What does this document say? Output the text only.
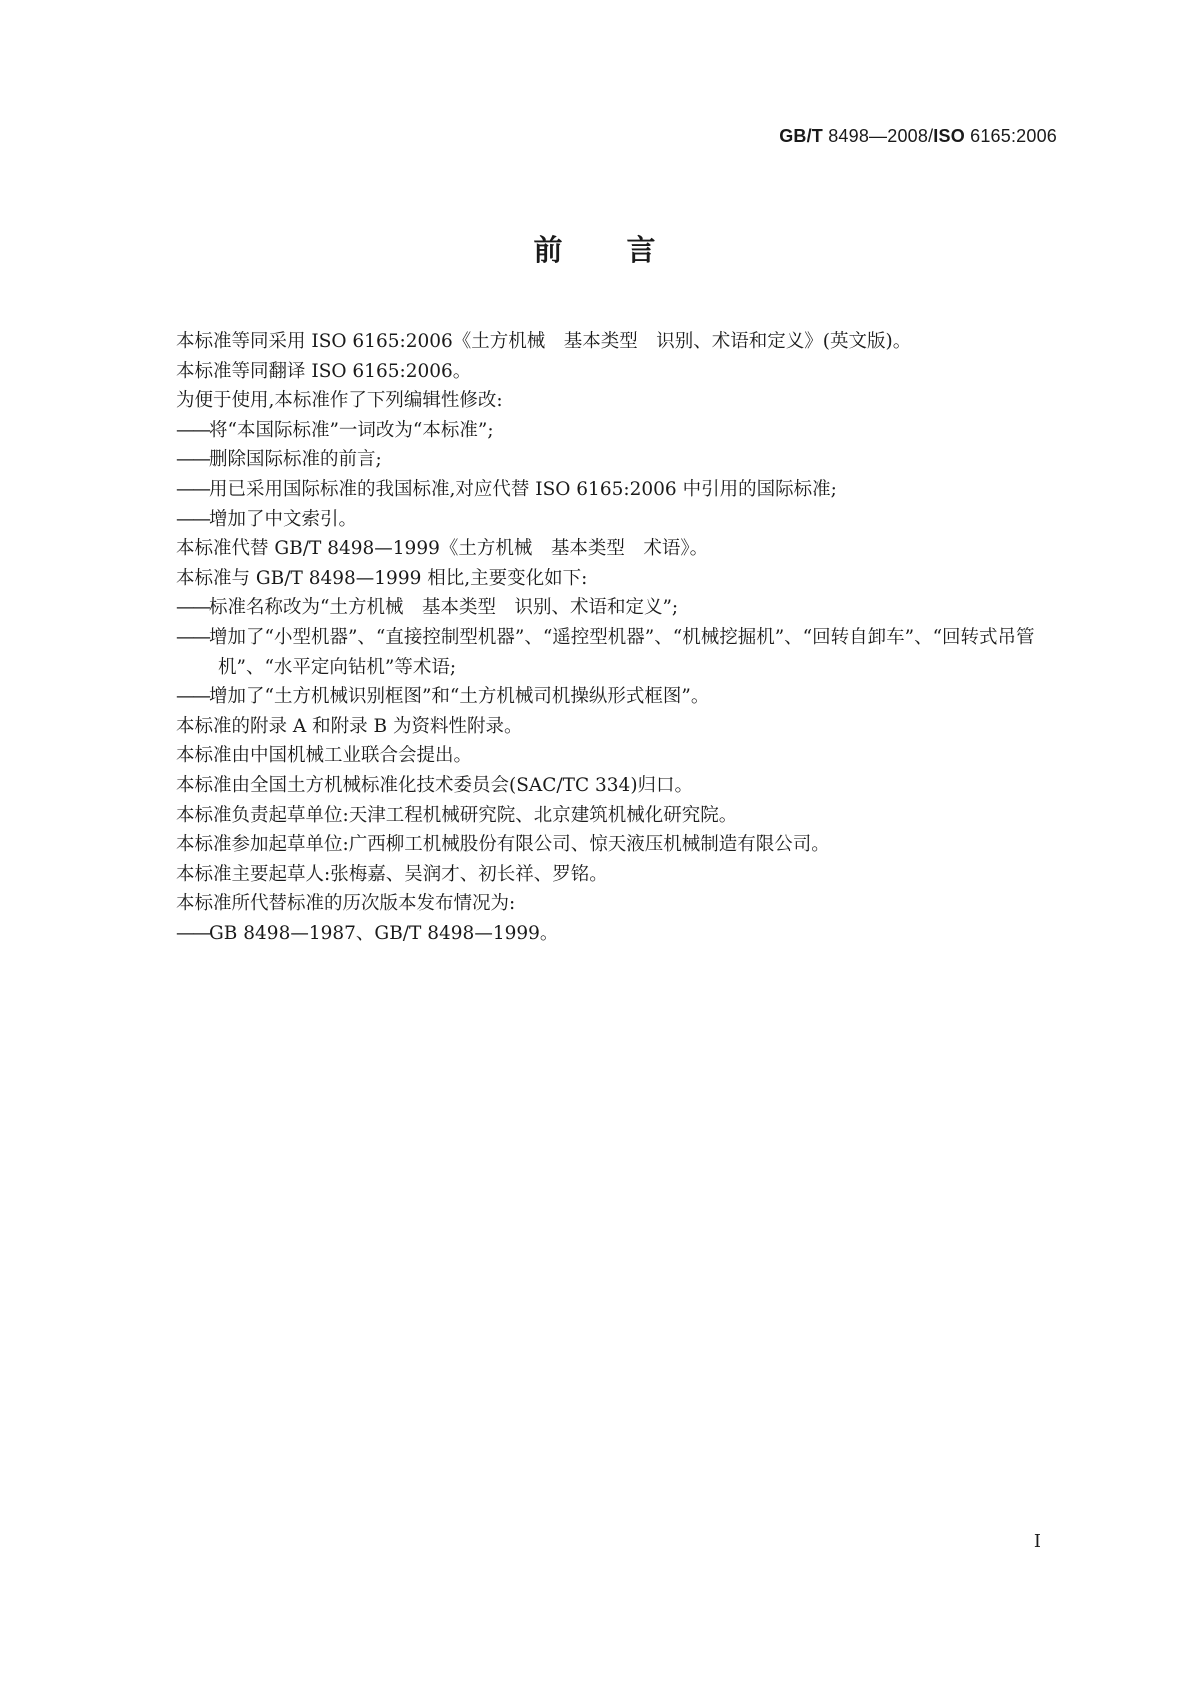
GB/T 8498—2008/ISO 6165:2006
前 言
本标准等同采用 ISO 6165:2006《土方机械　基本类型　识别、术语和定义》(英文版)。
本标准等同翻译 ISO 6165:2006。
为便于使用,本标准作了下列编辑性修改:
——将“本国际标准”一词改为“本标准”;
——删除国际标准的前言;
——用已采用国际标准的我国标准,对应代替 ISO 6165:2006 中引用的国际标准;
——增加了中文索引。
本标准代替 GB/T 8498—1999《土方机械　基本类型　术语》。
本标准与 GB/T 8498—1999 相比,主要变化如下:
——标准名称改为“土方机械　基本类型　识别、术语和定义”;
——增加了“小型机器”、“直接控制型机器”、“遥控型机器”、“机械挖掘机”、“回转自卸车”、“回转式吊管机”、“水平定向钻机”等术语;
——增加了“土方机械识别框图”和“土方机械司机操纵形式框图”。
本标准的附录 A 和附录 B 为资料性附录。
本标准由中国机械工业联合会提出。
本标准由全国土方机械标准化技术委员会(SAC/TC 334)归口。
本标准负责起草单位:天津工程机械研究院、北京建筑机械化研究院。
本标准参加起草单位:广西柳工机械股份有限公司、惊天液压机械制造有限公司。
本标准主要起草人:张梅嘉、吴润才、初长祥、罗铭。
本标准所代替标准的历次版本发布情况为:
——GB 8498—1987、GB/T 8498—1999。
I
